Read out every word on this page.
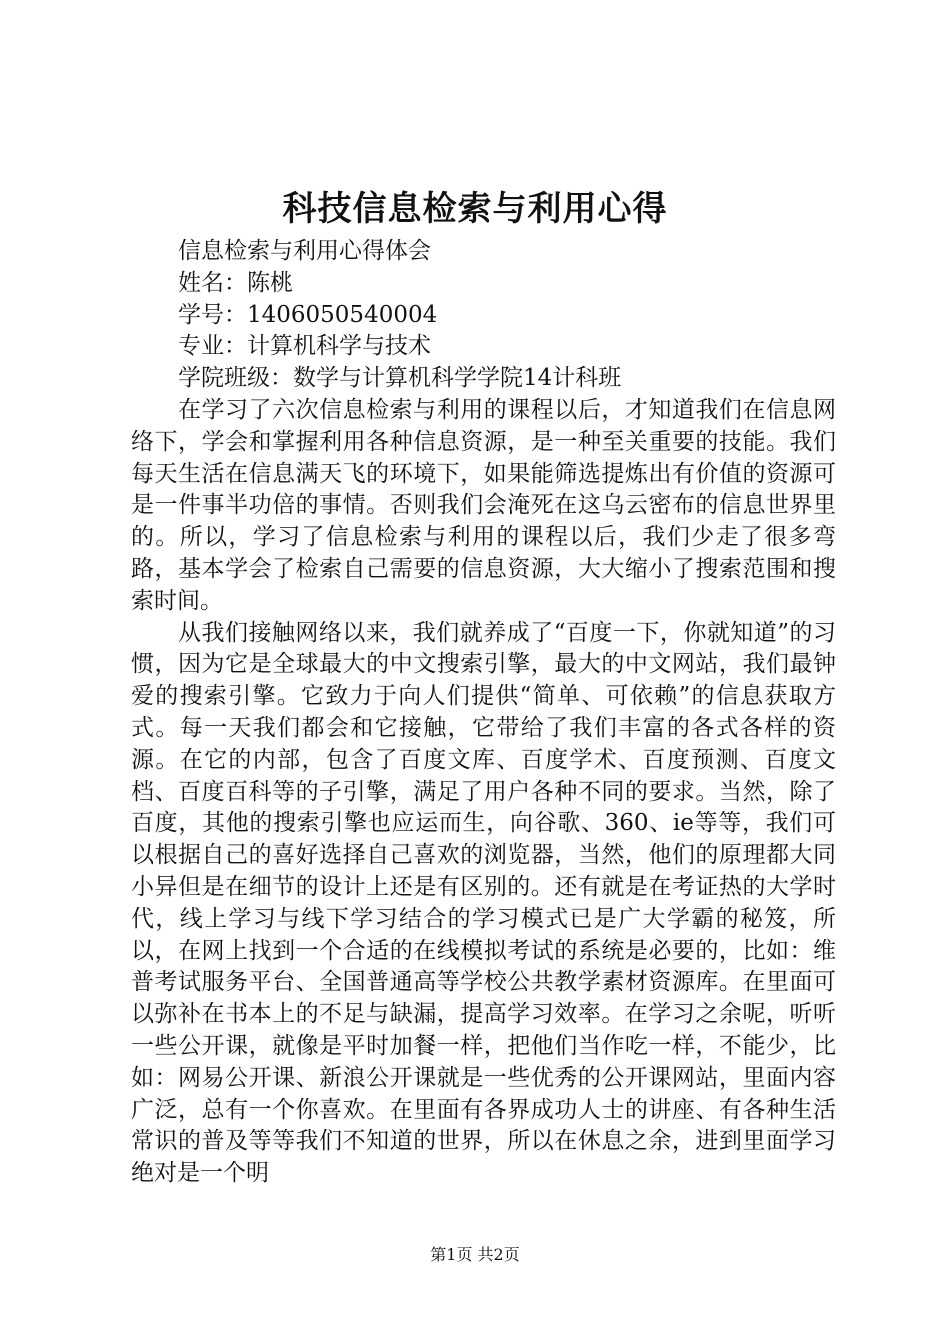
科技信息检索与利用心得

信息检索与利用心得体会

姓名：陈桃

学号：1406050540004

专业：计算机科学与技术

学院班级：数学与计算机科学学院14计科班

在学习了六次信息检索与利用的课程以后，才知道我们在信息网络下，学会和掌握利用各种信息资源，是一种至关重要的技能。我们每天生活在信息满天飞的环境下，如果能筛选提炼出有价值的资源可是一件事半功倍的事情。否则我们会淹死在这乌云密布的信息世界里的。所以，学习了信息检索与利用的课程以后，我们少走了很多弯路，基本学会了检索自己需要的信息资源，大大缩小了搜索范围和搜索时间。

从我们接触网络以来，我们就养成了“百度一下，你就知道”的习惯，因为它是全球最大的中文搜索引擎，最大的中文网站，我们最钟爱的搜索引擎。它致力于向人们提供“简单、可依赖”的信息获取方式。每一天我们都会和它接触，它带给了我们丰富的各式各样的资源。在它的内部，包含了百度文库、百度学术、百度预测、百度文档、百度百科等的子引擎，满足了用户各种不同的要求。当然，除了百度，其他的搜索引擎也应运而生，向谷歌、360、ie等等，我们可以根据自己的喜好选择自己喜欢的浏览器，当然，他们的原理都大同小异但是在细节的设计上还是有区别的。还有就是在考证热的大学时代，线上学习与线下学习结合的学习模式已是广大学霸的秘笈，所以，在网上找到一个合适的在线模拟考试的系统是必要的，比如：维普考试服务平台、全国普通高等学校公共教学素材资源库。在里面可以弥补在书本上的不足与缺漏，提高学习效率。在学习之余呢，听听一些公开课，就像是平时加餐一样，把他们当作吃一样，不能少，比如：网易公开课、新浪公开课就是一些优秀的公开课网站，里面内容广泛，总有一个你喜欢。在里面有各界成功人士的讲座、有各种生活常识的普及等等我们不知道的世界，所以在休息之余，进到里面学习绝对是一个明

第1页 共2页
